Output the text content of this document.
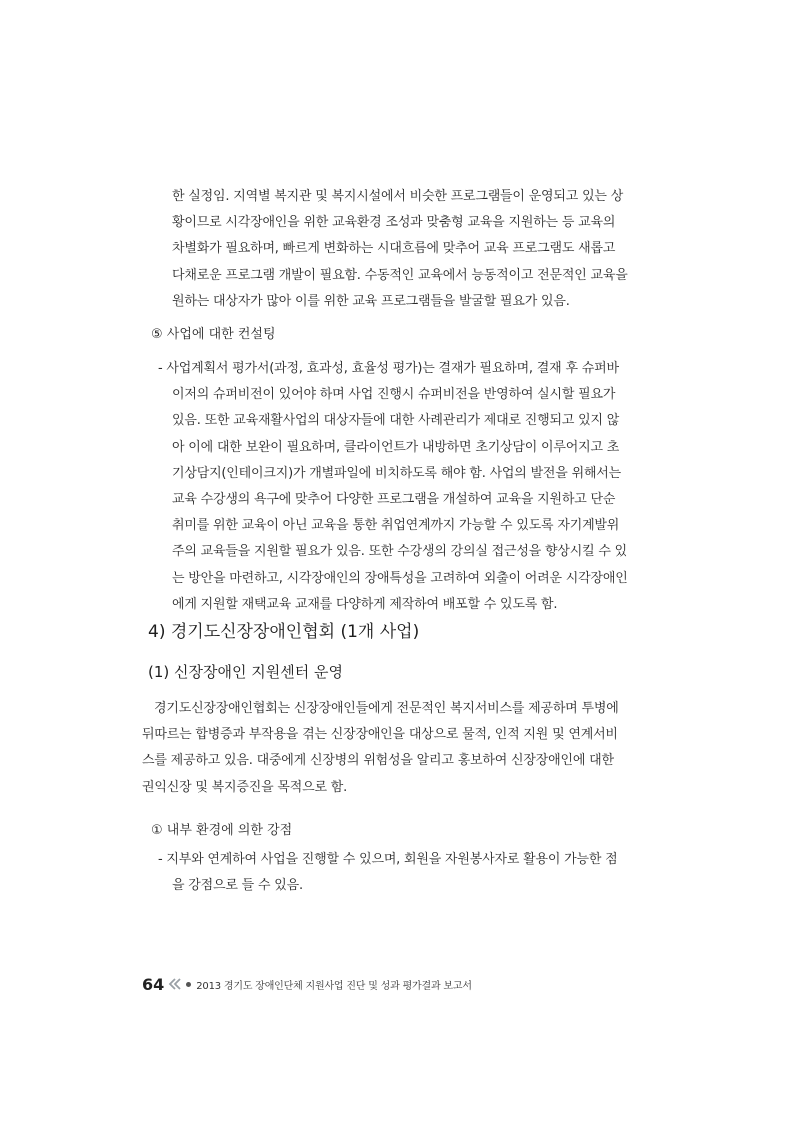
한 실정임. 지역별 복지관 및 복지시설에서 비슷한 프로그램들이 운영되고 있는 상
황이므로 시각장애인을 위한 교육환경 조성과 맞춤형 교육을 지원하는 등 교육의
차별화가 필요하며, 빠르게 변화하는 시대흐름에 맞추어 교육 프로그램도 새롭고
다채로운 프로그램 개발이 필요함. 수동적인 교육에서 능동적이고 전문적인 교육을
원하는 대상자가 많아 이를 위한 교육 프로그램들을 발굴할 필요가 있음.
⑤ 사업에 대한 컨설팅
- 사업계획서 평가서(과정, 효과성, 효율성 평가)는 결재가 필요하며, 결재 후 슈퍼바
이저의 슈퍼비전이 있어야 하며 사업 진행시 슈퍼비전을 반영하여 실시할 필요가
있음. 또한 교육재활사업의 대상자들에 대한 사례관리가 제대로 진행되고 있지 않
아 이에 대한 보완이 필요하며, 클라이언트가 내방하면 초기상담이 이루어지고 초
기상담지(인테이크지)가 개별파일에 비치하도록 해야 함. 사업의 발전을 위해서는
교육 수강생의 욕구에 맞추어 다양한 프로그램을 개설하여 교육을 지원하고 단순
취미를 위한 교육이 아닌 교육을 통한 취업연계까지 가능할 수 있도록 자기계발위
주의 교육들을 지원할 필요가 있음. 또한 수강생의 강의실 접근성을 향상시킬 수 있
는 방안을 마련하고, 시각장애인의 장애특성을 고려하여 외출이 어려운 시각장애인
에게 지원할 재택교육 교재를 다양하게 제작하여 배포할 수 있도록 함.
4) 경기도신장장애인협회 (1개 사업)
(1) 신장장애인 지원센터 운영
경기도신장장애인협회는 신장장애인들에게 전문적인 복지서비스를 제공하며 투병에
뒤따르는 합병증과 부작용을 겪는 신장장애인을 대상으로 물적, 인적 지원 및 연계서비
스를 제공하고 있음. 대중에게 신장병의 위험성을 알리고 홍보하여 신장장애인에 대한
권익신장 및 복지증진을 목적으로 함.
① 내부 환경에 의한 강점
- 지부와 연계하여 사업을 진행할 수 있으며, 회원을 자원봉사자로 활용이 가능한 점
을 강점으로 들 수 있음.
64	2013 경기도 장애인단체 지원사업 진단 및 성과 평가결과 보고서
